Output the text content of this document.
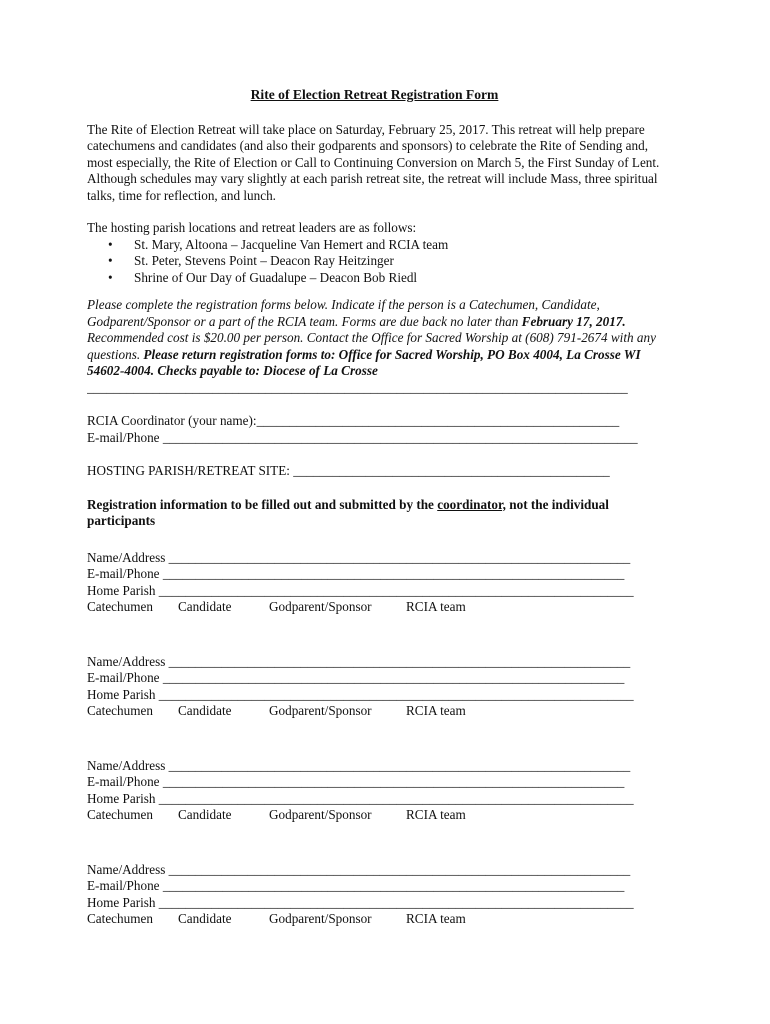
Rite of Election Retreat Registration Form

The Rite of Election Retreat will take place on Saturday, February 25, 2017. This retreat will help prepare catechumens and candidates (and also their godparents and sponsors) to celebrate the Rite of Sending and, most especially, the Rite of Election or Call to Continuing Conversion on March 5, the First Sunday of Lent. Although schedules may vary slightly at each parish retreat site, the retreat will include Mass, three spiritual talks, time for reflection, and lunch.

The hosting parish locations and retreat leaders are as follows:

• St. Mary, Altoona – Jacqueline Van Hemert and RCIA team
• St. Peter, Stevens Point – Deacon Ray Heitzinger
• Shrine of Our Day of Guadalupe – Deacon Bob Riedl

Please complete the registration forms below. Indicate if the person is a Catechumen, Candidate, Godparent/Sponsor or a part of the RCIA team. Forms are due back no later than February 17, 2017. Recommended cost is $20.00 per person. Contact the Office for Sacred Worship at (608) 791-2674 with any questions. Please return registration forms to: Office for Sacred Worship, PO Box 4004, La Crosse WI 54602-4004. Checks payable to: Diocese of La Crosse

__________________________________________________________________________________
RCIA Coordinator (your name):_______________________________________________________
E-mail/Phone ________________________________________________________________________
HOSTING PARISH/RETREAT SITE: ________________________________________________

Registration information to be filled out and submitted by the coordinator, not the individual participants

Name/Address ______________________________________________________________________
E-mail/Phone ______________________________________________________________________
Home Parish ________________________________________________________________________
Catechumen	Candidate	Godparent/Sponsor	RCIA team
Name/Address ______________________________________________________________________
E-mail/Phone ______________________________________________________________________
Home Parish ________________________________________________________________________
Catechumen	Candidate	Godparent/Sponsor	RCIA team
Name/Address ______________________________________________________________________
E-mail/Phone ______________________________________________________________________
Home Parish ________________________________________________________________________
Catechumen	Candidate	Godparent/Sponsor	RCIA team
Name/Address ______________________________________________________________________
E-mail/Phone ______________________________________________________________________
Home Parish ________________________________________________________________________
Catechumen	Candidate	Godparent/Sponsor	RCIA team
